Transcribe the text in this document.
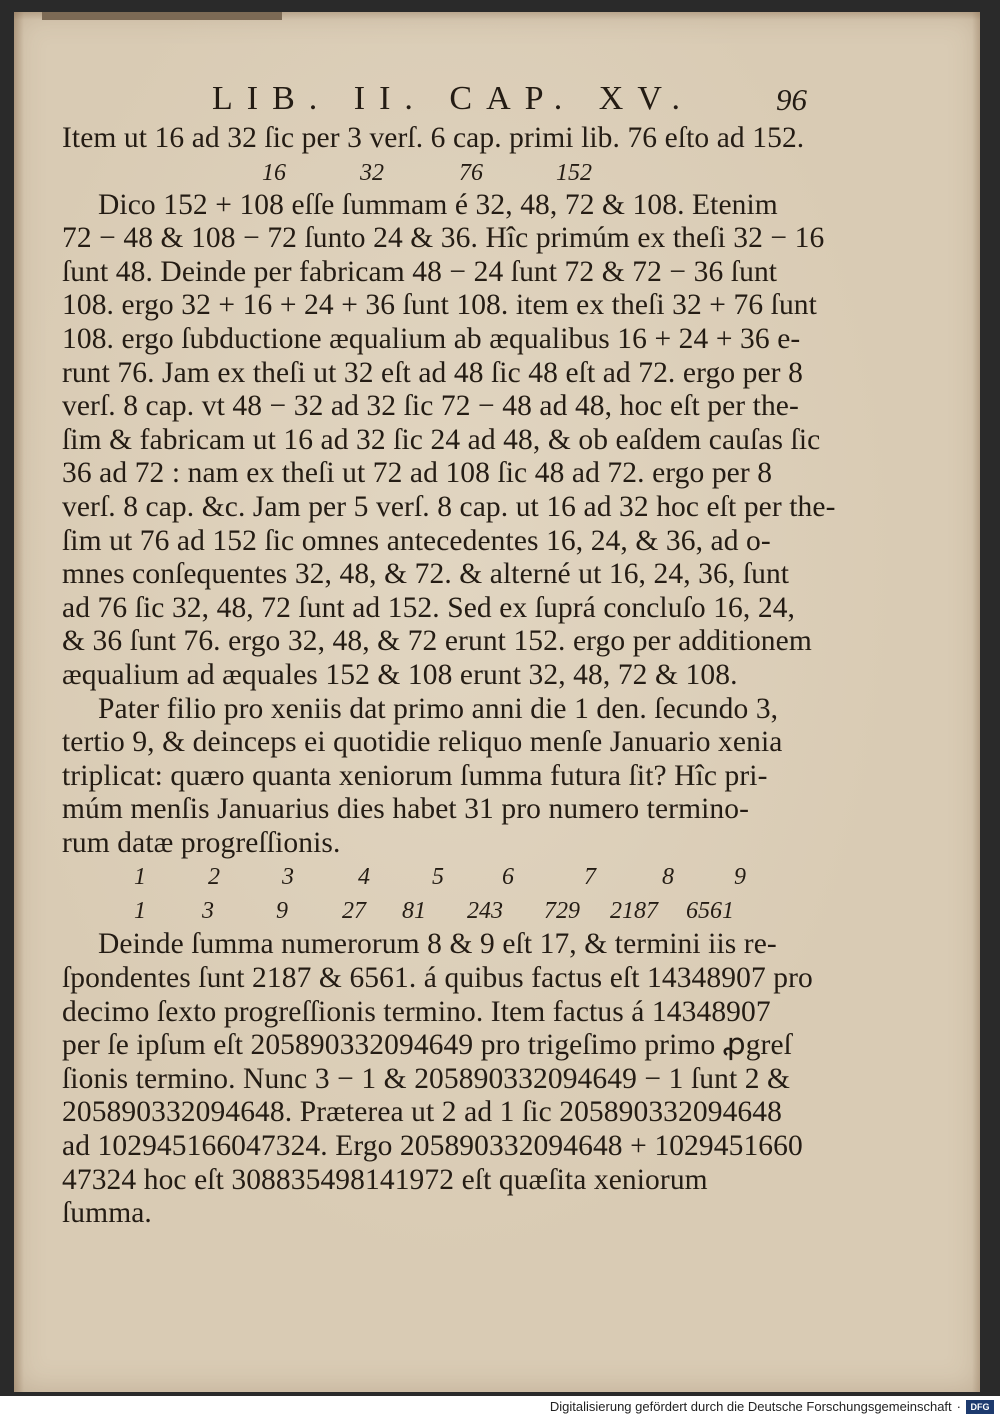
LIB. II. CAP. XV.	96
Item ut 16 ad 32 ſic per 3 verſ. 6 cap. primi lib. 76 eſto ad 152.
16	32	76	152
Dico 152 + 108 eſſe ſummam é 32, 48, 72 & 108. Etenim
72 − 48 & 108 − 72 ſunto 24 & 36. Hîc primúm ex theſi 32 − 16
ſunt 48. Deinde per fabricam 48 − 24 ſunt 72 & 72 − 36 ſunt
108. ergo 32 + 16 + 24 + 36 ſunt 108. item ex theſi 32 + 76 ſunt
108. ergo ſubductione æqualium ab æqualibus 16 + 24 + 36 e-
runt 76. Jam ex theſi ut 32 eſt ad 48 ſic 48 eſt ad 72. ergo per 8
verſ. 8 cap. vt 48 − 32 ad 32 ſic 72 − 48 ad 48, hoc eſt per the-
ſim & fabricam ut 16 ad 32 ſic 24 ad 48, & ob eaſdem cauſas ſic
36 ad 72 : nam ex theſi ut 72 ad 108 ſic 48 ad 72. ergo per 8
verſ. 8 cap. &c. Jam per 5 verſ. 8 cap. ut 16 ad 32 hoc eſt per the-
ſim ut 76 ad 152 ſic omnes antecedentes 16, 24, & 36, ad o-
mnes conſequentes 32, 48, & 72. & alterné ut 16, 24, 36, ſunt
ad 76 ſic 32, 48, 72 ſunt ad 152. Sed ex ſuprá concluſo 16, 24,
& 36 ſunt 76. ergo 32, 48, & 72 erunt 152. ergo per additionem
æqualium ad æquales 152 & 108 erunt 32, 48, 72 & 108.
Pater filio pro xeniis dat primo anni die 1 den. ſecundo 3,
tertio 9, & deinceps ei quotidie reliquo menſe Januario xenia
triplicat: quæro quanta xeniorum ſumma futura ſit? Hîc pri-
múm menſis Januarius dies habet 31 pro numero termino-
rum datæ progreſſionis.
1	2	3	4	5 6	7	8	9
1 3	9 27 81 243 729 2187 6561
Deinde ſumma numerorum 8 & 9 eſt 17, & termini iis re-
ſpondentes ſunt 2187 & 6561. á quibus factus eſt 14348907 pro
decimo ſexto progreſſionis termino. Item factus á 14348907
per ſe ipſum eſt 205890332094649 pro trigeſimo primo ꝓgreſ
ſionis termino. Nunc 3 − 1 & 205890332094649 − 1 ſunt 2 &
205890332094648. Præterea ut 2 ad 1 ſic 205890332094648
ad 102945166047324. Ergo 205890332094648 + 1029451660
47324 hoc eſt 308835498141972 eſt quæſita xeniorum
ſumma.
Digitalisierung gefördert durch die Deutsche Forschungsgemeinschaft ·	DFG
